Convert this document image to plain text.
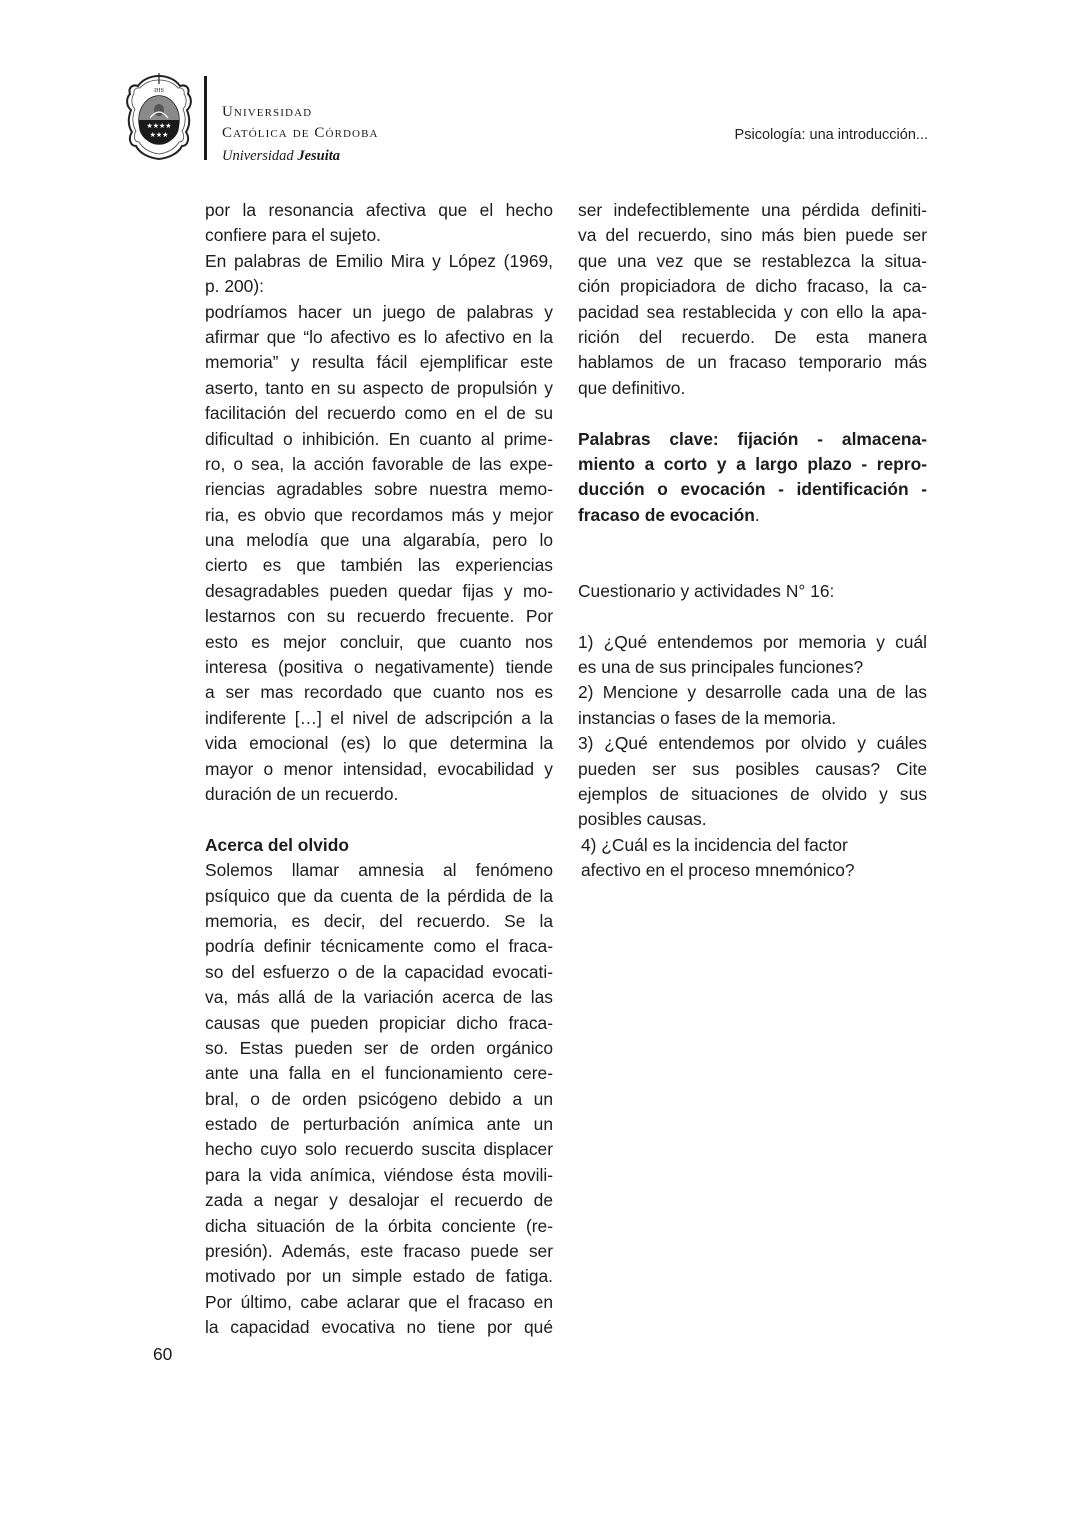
IHS
★★★★
★★★
Universidad
Católica de Córdoba
Universidad Jesuita
Psicología: una introducción...
por la resonancia afectiva que el hecho
confiere para el sujeto.
En palabras de Emilio Mira y López (1969,
p. 200):
podríamos hacer un juego de palabras y
afirmar que “lo afectivo es lo afectivo en la
memoria” y resulta fácil ejemplificar este
aserto, tanto en su aspecto de propulsión y
facilitación del recuerdo como en el de su
dificultad o inhibición. En cuanto al prime-
ro, o sea, la acción favorable de las expe-
riencias agradables sobre nuestra memo-
ria, es obvio que recordamos más y mejor
una melodía que una algarabía, pero lo
cierto es que también las experiencias
desagradables pueden quedar fijas y mo-
lestarnos con su recuerdo frecuente. Por
esto es mejor concluir, que cuanto nos
interesa (positiva o negativamente) tiende
a ser mas recordado que cuanto nos es
indiferente […] el nivel de adscripción a la
vida emocional (es) lo que determina la
mayor o menor intensidad, evocabilidad y
duración de un recuerdo.
Acerca del olvido
Solemos llamar amnesia al fenómeno
psíquico que da cuenta de la pérdida de la
memoria, es decir, del recuerdo. Se la
podría definir técnicamente como el fraca-
so del esfuerzo o de la capacidad evocati-
va, más allá de la variación acerca de las
causas que pueden propiciar dicho fraca-
so. Estas pueden ser de orden orgánico
ante una falla en el funcionamiento cere-
bral, o de orden psicógeno debido a un
estado de perturbación anímica ante un
hecho cuyo solo recuerdo suscita displacer
para la vida anímica, viéndose ésta movili-
zada a negar y desalojar el recuerdo de
dicha situación de la órbita conciente (re-
presión). Además, este fracaso puede ser
motivado por un simple estado de fatiga.
Por último, cabe aclarar que el fracaso en
la capacidad evocativa no tiene por qué
ser indefectiblemente una pérdida definiti-
va del recuerdo, sino más bien puede ser
que una vez que se restablezca la situa-
ción propiciadora de dicho fracaso, la ca-
pacidad sea restablecida y con ello la apa-
rición del recuerdo. De esta manera
hablamos de un fracaso temporario más
que definitivo.
Palabras clave: fijación - almacena-
miento a corto y a largo plazo - repro-
ducción o evocación - identificación -
fracaso de evocación.
Cuestionario y actividades N° 16:
1) ¿Qué entendemos por memoria y cuál
es una de sus principales funciones?
2) Mencione y desarrolle cada una de las
instancias o fases de la memoria.
3) ¿Qué entendemos por olvido y cuáles
pueden ser sus posibles causas? Cite
ejemplos de situaciones de olvido y sus
posibles causas.
4) ¿Cuál es la incidencia del factor
afectivo en el proceso mnemónico?
60
